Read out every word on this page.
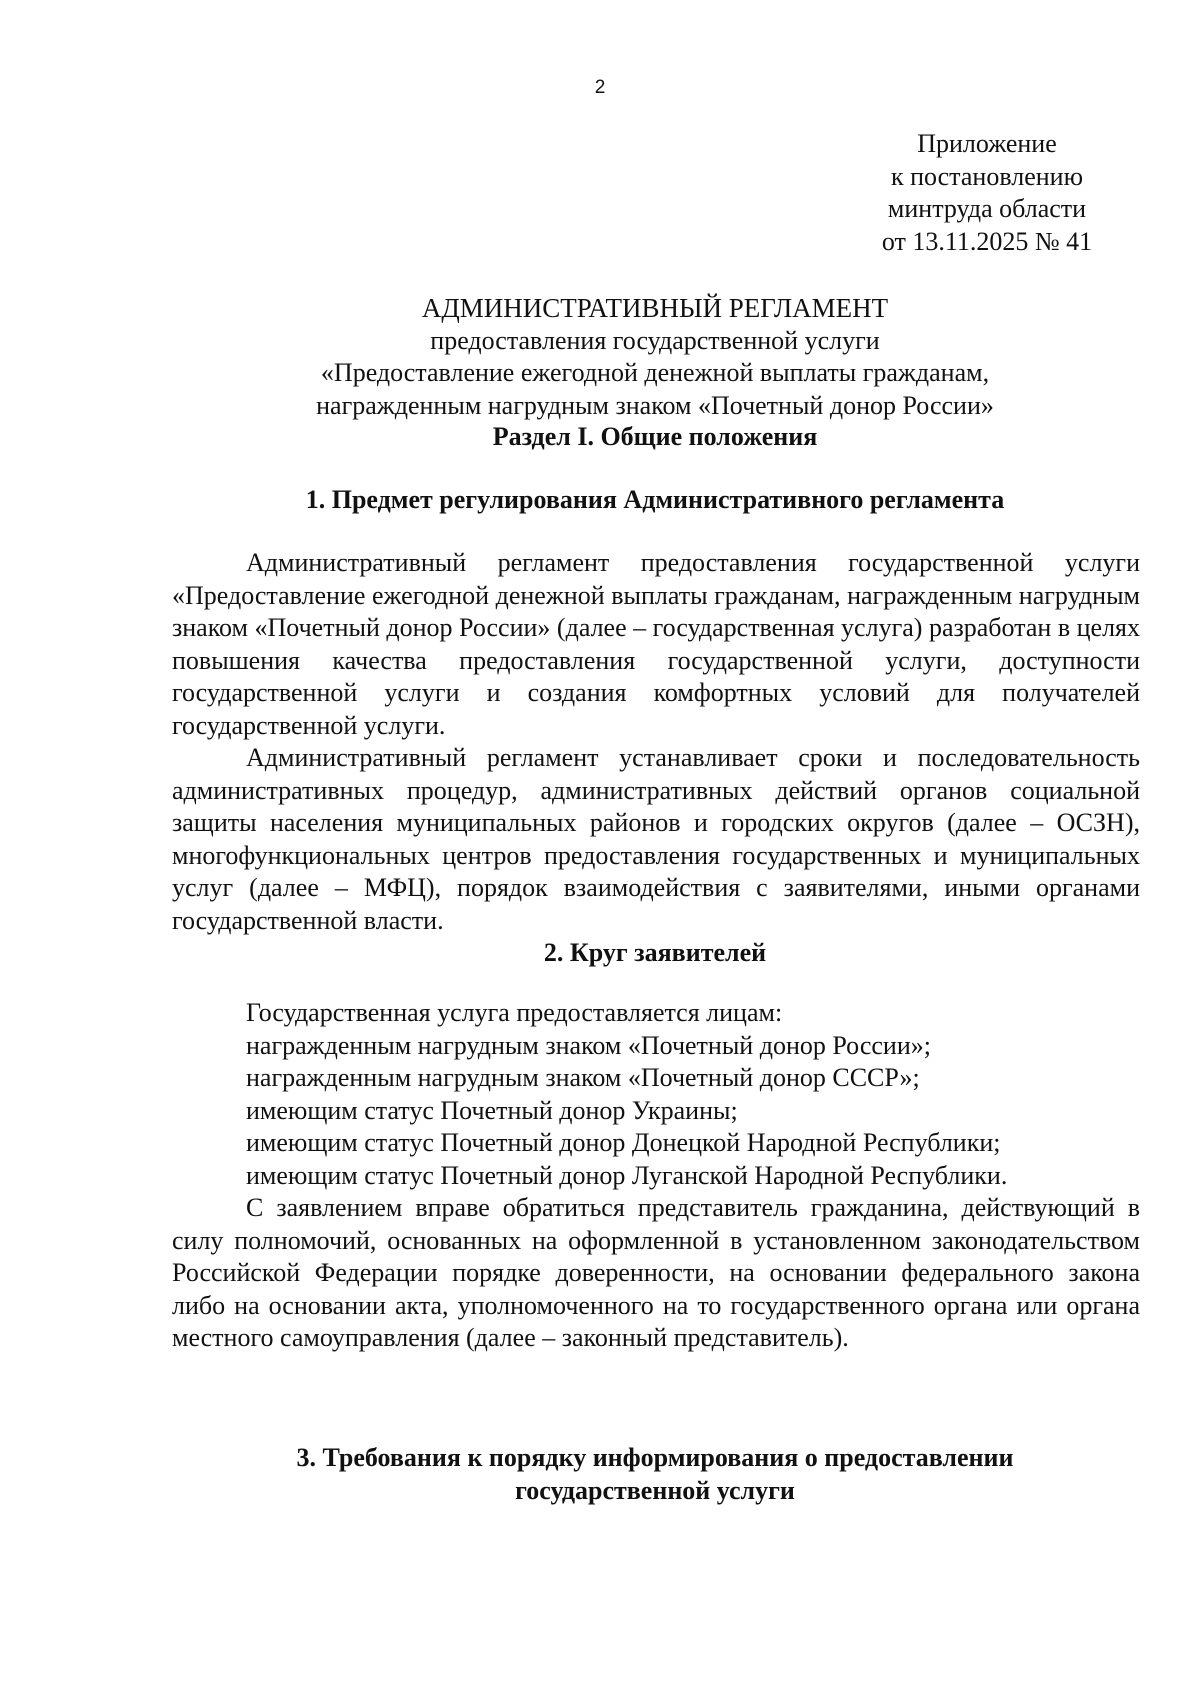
2
Приложение
к постановлению
минтруда области
от 13.11.2025 № 41
АДМИНИСТРАТИВНЫЙ РЕГЛАМЕНТ
предоставления государственной услуги
«Предоставление ежегодной денежной выплаты гражданам,
награжденным нагрудным знаком «Почетный донор России»
Раздел I. Общие положения
1. Предмет регулирования Административного регламента

Административный регламент предоставления государственной услуги «Предоставление ежегодной денежной выплаты гражданам, награжденным нагрудным знаком «Почетный донор России» (далее – государственная услуга) разработан в целях повышения качества предоставления государственной услуги, доступности государственной услуги и создания комфортных условий для получателей государственной услуги.

Административный регламент устанавливает сроки и последовательность административных процедур, административных действий органов социальной защиты населения муниципальных районов и городских округов (далее – ОСЗН), многофункциональных центров предоставления государственных и муниципальных услуг (далее – МФЦ), порядок взаимодействия с заявителями, иными органами государственной власти.

2. Круг заявителей
Государственная услуга предоставляется лицам:
награжденным нагрудным знаком «Почетный донор России»;
награжденным нагрудным знаком «Почетный донор СССР»;
имеющим статус Почетный донор Украины;
имеющим статус Почетный донор Донецкой Народной Республики;
имеющим статус Почетный донор Луганской Народной Республики.

С заявлением вправе обратиться представитель гражданина, действующий в силу полномочий, основанных на оформленной в установленном законодательством Российской Федерации порядке доверенности, на основании федерального закона либо на основании акта, уполномоченного на то государственного органа или органа местного самоуправления (далее – законный представитель).

3. Требования к порядку информирования о предоставлении
государственной услуги
